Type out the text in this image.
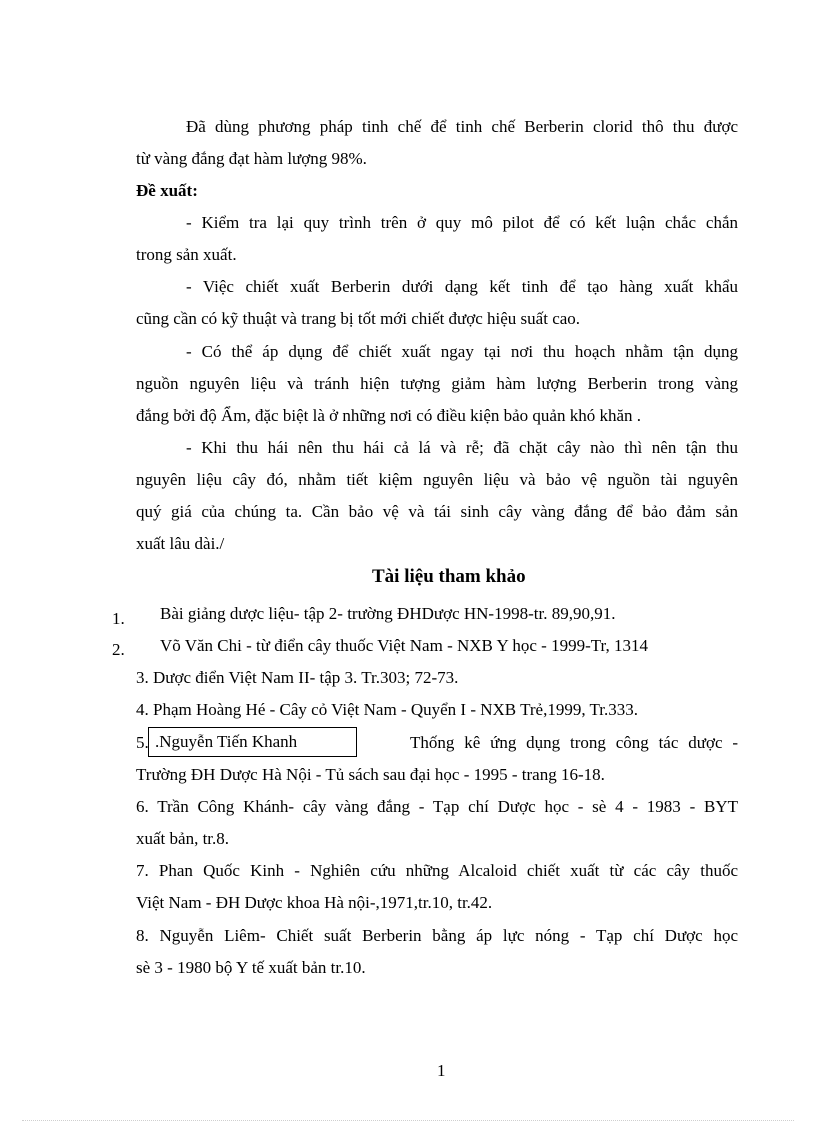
Đã dùng phương pháp tinh chế để tinh chế Berberin clorid thô thu được
từ vàng đắng đạt hàm lượng 98%.
Đề xuất:
- Kiểm tra lại quy trình trên ở quy mô pilot để có kết luận chắc chắn
trong sản xuất.
- Việc chiết xuất Berberin dưới dạng kết tinh để tạo hàng xuất khẩu
cũng cần có kỹ thuật và trang bị tốt mới chiết được hiệu suất cao.
- Có thể áp dụng để chiết xuất ngay tại nơi thu hoạch nhằm tận dụng
nguồn nguyên liệu và tránh hiện tượng giảm hàm lượng Berberin trong vàng
đắng bởi độ Ẩm, đặc biệt là ở những nơi có điều kiện bảo quản khó khăn .
- Khi thu hái nên thu hái cả lá và rễ; đã chặt cây nào thì nên tận thu
nguyên liệu cây đó, nhằm tiết kiệm nguyên liệu và bảo vệ nguồn tài nguyên
quý giá của chúng ta. Cần bảo vệ và tái sinh cây vàng đắng để bảo đảm sản
xuất lâu dài./
Tài liệu tham khảo
1. Bài giảng dược liệu- tập 2- trường ĐHDược HN-1998-tr. 89,90,91.
2. Võ Văn Chi - từ điển cây thuốc Việt Nam - NXB Y học - 1999-Tr, 1314
3. Dược điển Việt Nam II- tập 3. Tr.303; 72-73.
4. Phạm Hoàng Hé - Cây cỏ Việt Nam - Quyển I - NXB Trẻ,1999, Tr.333.
5. .Nguyễn Tiến Khanh	Thống kê ứng dụng trong công tác dược -
Trường ĐH Dược Hà Nội - Tủ sách sau đại học - 1995 - trang 16-18.
6. Trần Công Khánh- cây vàng đắng - Tạp chí Dược học - sè 4 - 1983 - BYT
xuất bản, tr.8.
7. Phan Quốc Kinh - Nghiên cứu những Alcaloid chiết xuất từ các cây thuốc
Việt Nam - ĐH Dược khoa Hà nội-,1971,tr.10, tr.42.
8. Nguyễn Liêm- Chiết suất Berberin bằng áp lực nóng - Tạp chí Dược học
sè 3 - 1980 bộ Y tế xuất bản tr.10.
1
